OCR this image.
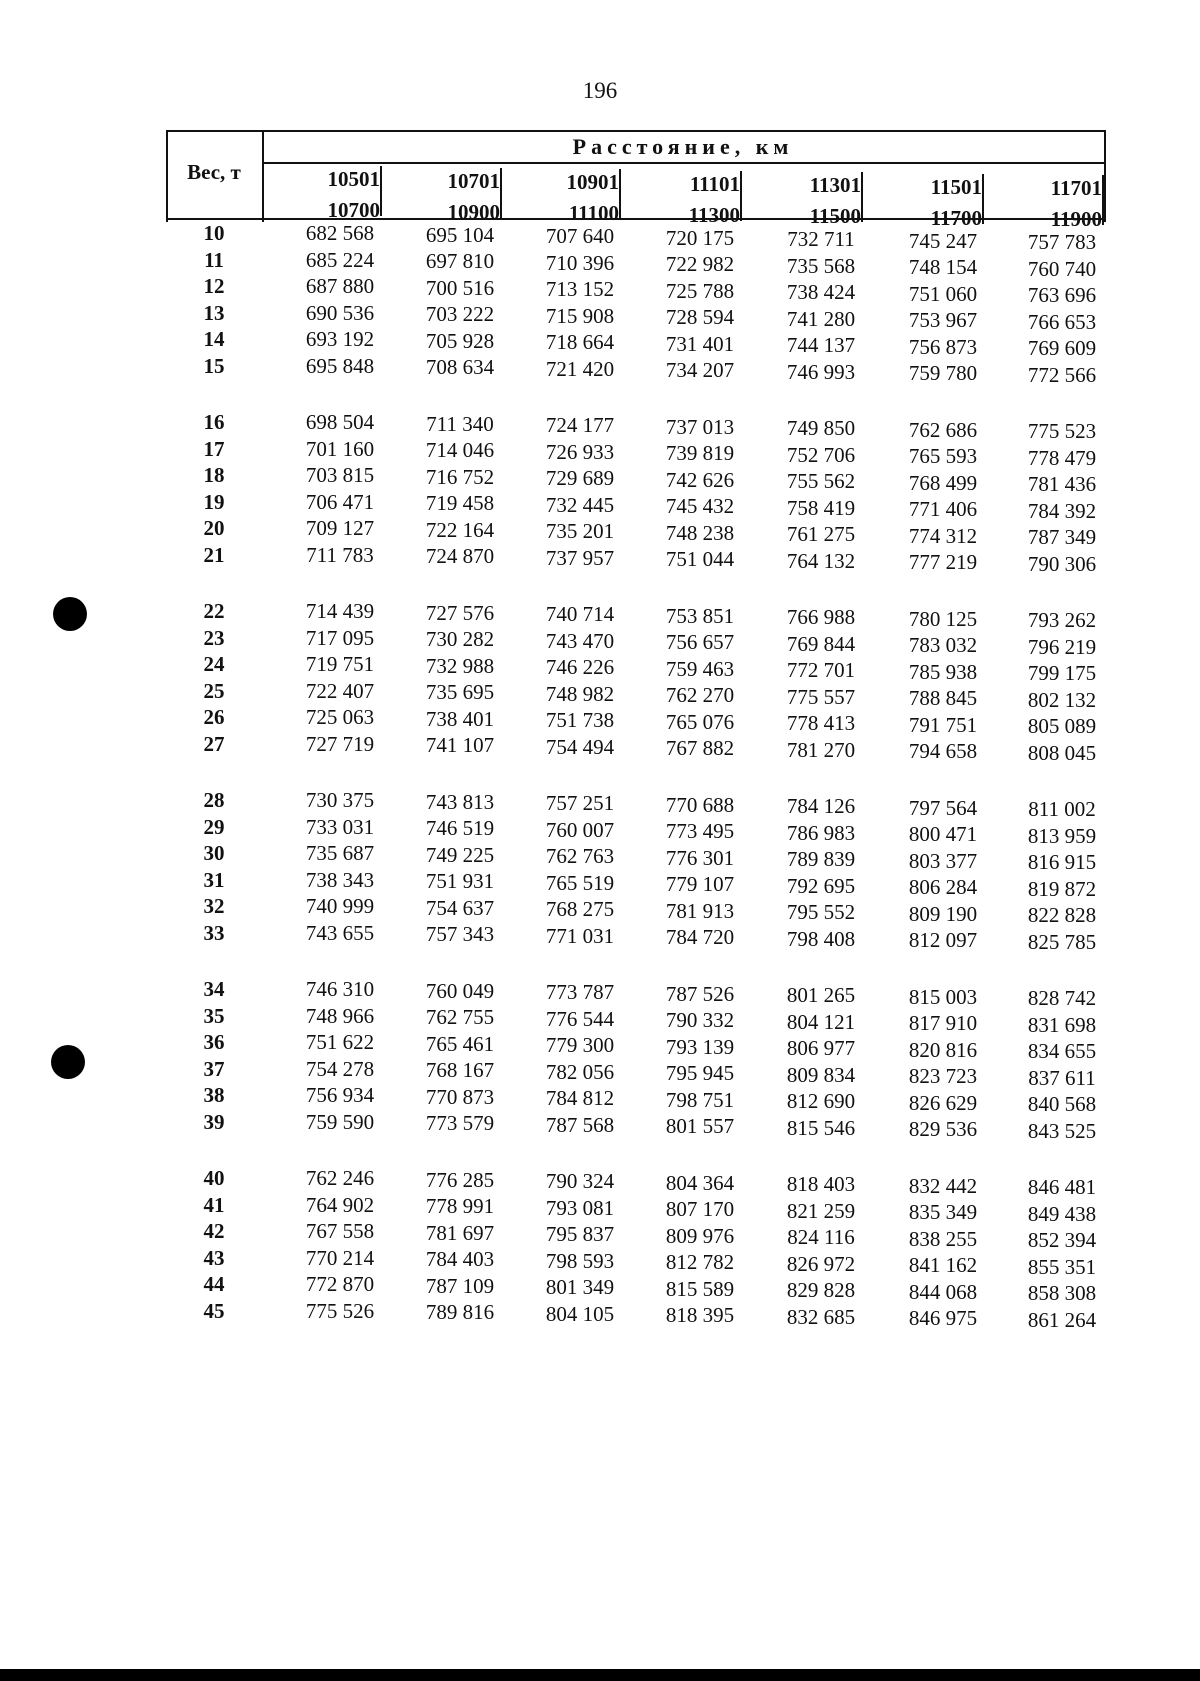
196
Вес, т
Расстояние, км
10501
10700
10701
10900
10901
11100
11101
11300
11301
11500
11501
11700
11701
11900
10	682 568	695 104	707 640	720 175	732 711	745 247	757 783
11	685 224	697 810	710 396	722 982	735 568	748 154	760 740
12	687 880	700 516	713 152	725 788	738 424	751 060	763 696
13	690 536	703 222	715 908	728 594	741 280	753 967	766 653
14	693 192	705 928	718 664	731 401	744 137	756 873	769 609
15	695 848	708 634	721 420	734 207	746 993	759 780	772 566
16	698 504	711 340	724 177	737 013	749 850	762 686	775 523
17	701 160	714 046	726 933	739 819	752 706	765 593	778 479
18	703 815	716 752	729 689	742 626	755 562	768 499	781 436
19	706 471	719 458	732 445	745 432	758 419	771 406	784 392
20	709 127	722 164	735 201	748 238	761 275	774 312	787 349
21	711 783	724 870	737 957	751 044	764 132	777 219	790 306
22	714 439	727 576	740 714	753 851	766 988	780 125	793 262
23	717 095	730 282	743 470	756 657	769 844	783 032	796 219
24	719 751	732 988	746 226	759 463	772 701	785 938	799 175
25	722 407	735 695	748 982	762 270	775 557	788 845	802 132
26	725 063	738 401	751 738	765 076	778 413	791 751	805 089
27	727 719	741 107	754 494	767 882	781 270	794 658	808 045
28	730 375	743 813	757 251	770 688	784 126	797 564	811 002
29	733 031	746 519	760 007	773 495	786 983	800 471	813 959
30	735 687	749 225	762 763	776 301	789 839	803 377	816 915
31	738 343	751 931	765 519	779 107	792 695	806 284	819 872
32	740 999	754 637	768 275	781 913	795 552	809 190	822 828
33	743 655	757 343	771 031	784 720	798 408	812 097	825 785
34	746 310	760 049	773 787	787 526	801 265	815 003	828 742
35	748 966	762 755	776 544	790 332	804 121	817 910	831 698
36	751 622	765 461	779 300	793 139	806 977	820 816	834 655
37	754 278	768 167	782 056	795 945	809 834	823 723	837 611
38	756 934	770 873	784 812	798 751	812 690	826 629	840 568
39	759 590	773 579	787 568	801 557	815 546	829 536	843 525
40	762 246	776 285	790 324	804 364	818 403	832 442	846 481
41	764 902	778 991	793 081	807 170	821 259	835 349	849 438
42	767 558	781 697	795 837	809 976	824 116	838 255	852 394
43	770 214	784 403	798 593	812 782	826 972	841 162	855 351
44	772 870	787 109	801 349	815 589	829 828	844 068	858 308
45	775 526	789 816	804 105	818 395	832 685	846 975	861 264
